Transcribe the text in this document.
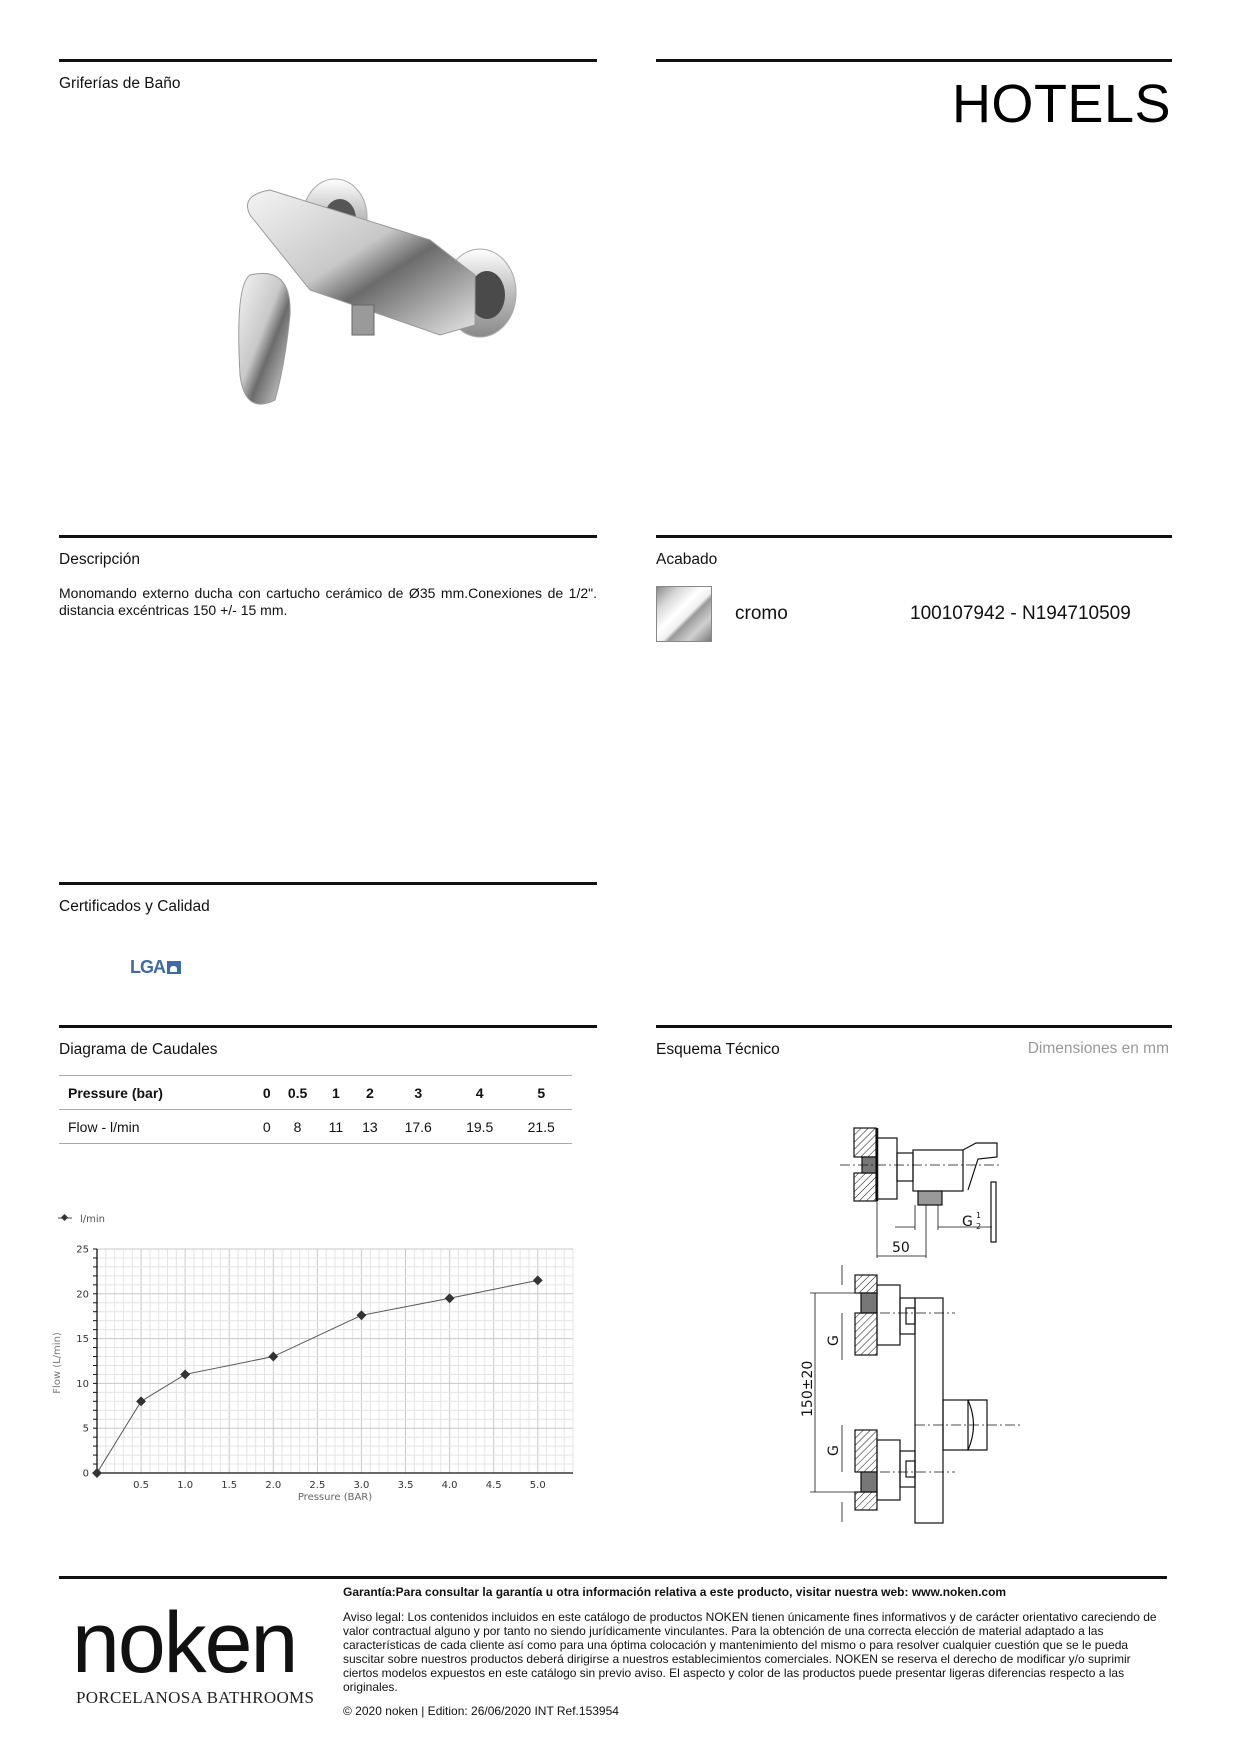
Griferías de Baño	HOTELS
Descripción
Monomando externo ducha con cartucho cerámico de Ø35 mm.Conexiones de 1/2". distancia excéntricas 150 +/- 15 mm.
Acabado
cromo	100107942 - N194710509
Certificados y Calidad
LGA
Diagrama de Caudales
Pressure (bar)	0	0.5	1	2	3	4	5
Flow - l/min	0	8	11	13	17.6	19.5	21.5
0
5
10
15
20
25
0.5	1.0	1.5	2.0	2.5	3.0	3.5	4.0	4.5	5.0
l/min
Pressure (BAR)
Flow (L/min)
Esquema Técnico	Dimensiones en mm
50
G 1
2
150±20
G
G
noken
PORCELANOSA BATHROOMS
Garantía:Para consultar la garantía u otra información relativa a este producto, visitar nuestra web: www.noken.com
Aviso legal: Los contenidos incluidos en este catálogo de productos NOKEN tienen únicamente fines informativos y de carácter orientativo careciendo de valor contractual alguno y por tanto no siendo jurídicamente vinculantes. Para la obtención de una correcta elección de material adaptado a las características de cada cliente así como para una óptima colocación y mantenimiento del mismo o para resolver cualquier cuestión que se le pueda suscitar sobre nuestros productos deberá dirigirse a nuestros establecimientos comerciales. NOKEN se reserva el derecho de modificar y/o suprimir ciertos modelos expuestos en este catálogo sin previo aviso. El aspecto y color de las productos puede presentar ligeras diferencias respecto a las originales.
© 2020 noken | Edition: 26/06/2020 INT Ref.153954
